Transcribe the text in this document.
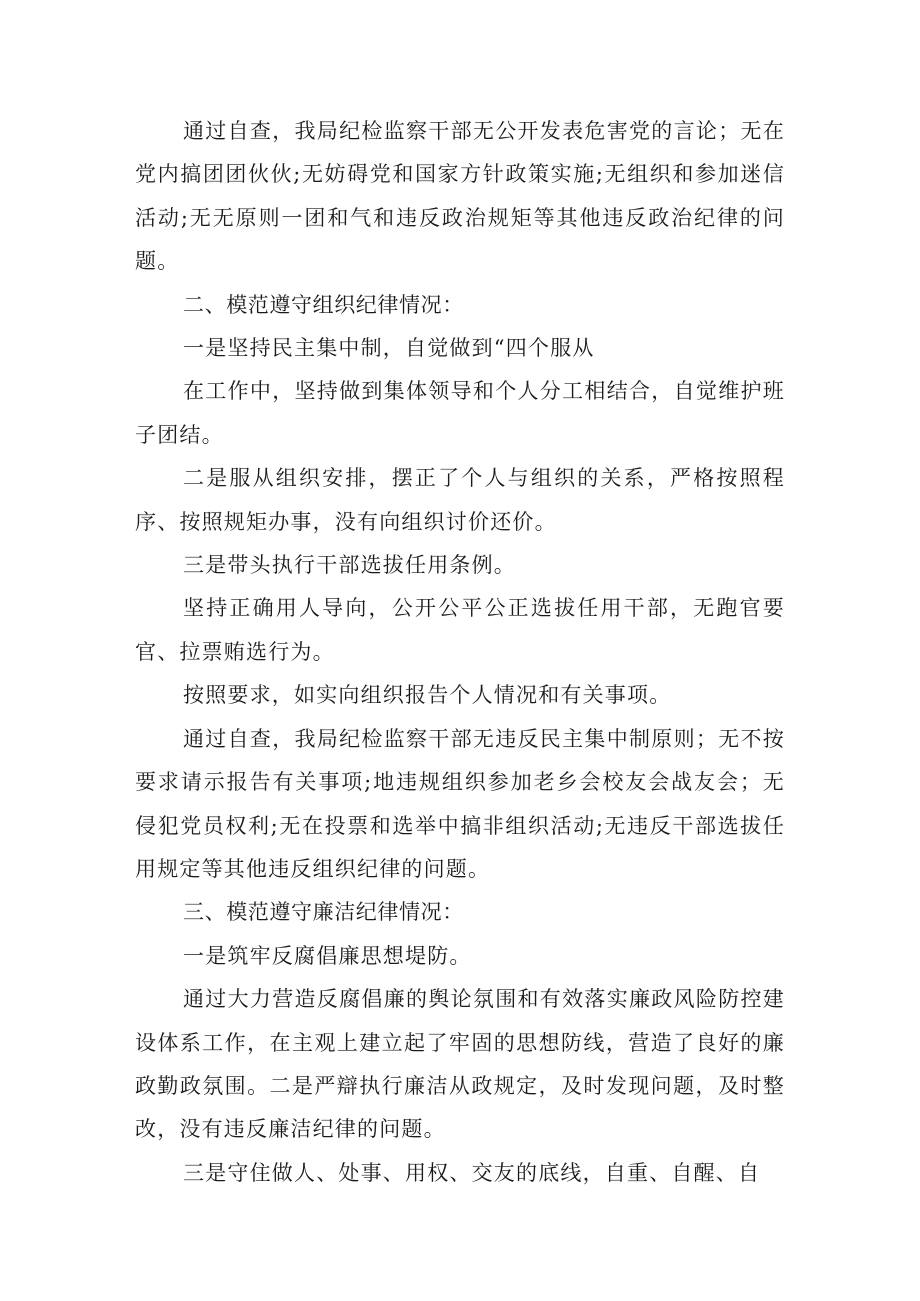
通过自查，我局纪检监察干部无公开发表危害党的言论；无在党内搞团团伙伙;无妨碍党和国家方针政策实施;无组织和参加迷信活动;无无原则一团和气和违反政治规矩等其他违反政治纪律的问题。

二、模范遵守组织纪律情况：

一是坚持民主集中制，自觉做到“四个服从

在工作中，坚持做到集体领导和个人分工相结合，自觉维护班子团结。

二是服从组织安排，摆正了个人与组织的关系，严格按照程序、按照规矩办事，没有向组织讨价还价。

三是带头执行干部选拔任用条例。

坚持正确用人导向，公开公平公正选拔任用干部，无跑官要官、拉票贿选行为。

按照要求，如实向组织报告个人情况和有关事项。

通过自查，我局纪检监察干部无违反民主集中制原则；无不按要求请示报告有关事项;地违规组织参加老乡会校友会战友会；无侵犯党员权利;无在投票和选举中搞非组织活动;无违反干部选拔任用规定等其他违反组织纪律的问题。

三、模范遵守廉洁纪律情况：

一是筑牢反腐倡廉思想堤防。

通过大力营造反腐倡廉的舆论氛围和有效落实廉政风险防控建设体系工作，在主观上建立起了牢固的思想防线，营造了良好的廉政勤政氛围。二是严辯执行廉洁从政规定，及时发现问题，及时整改，没有违反廉洁纪律的问题。

三是守住做人、处事、用权、交友的底线，自重、自醒、自
